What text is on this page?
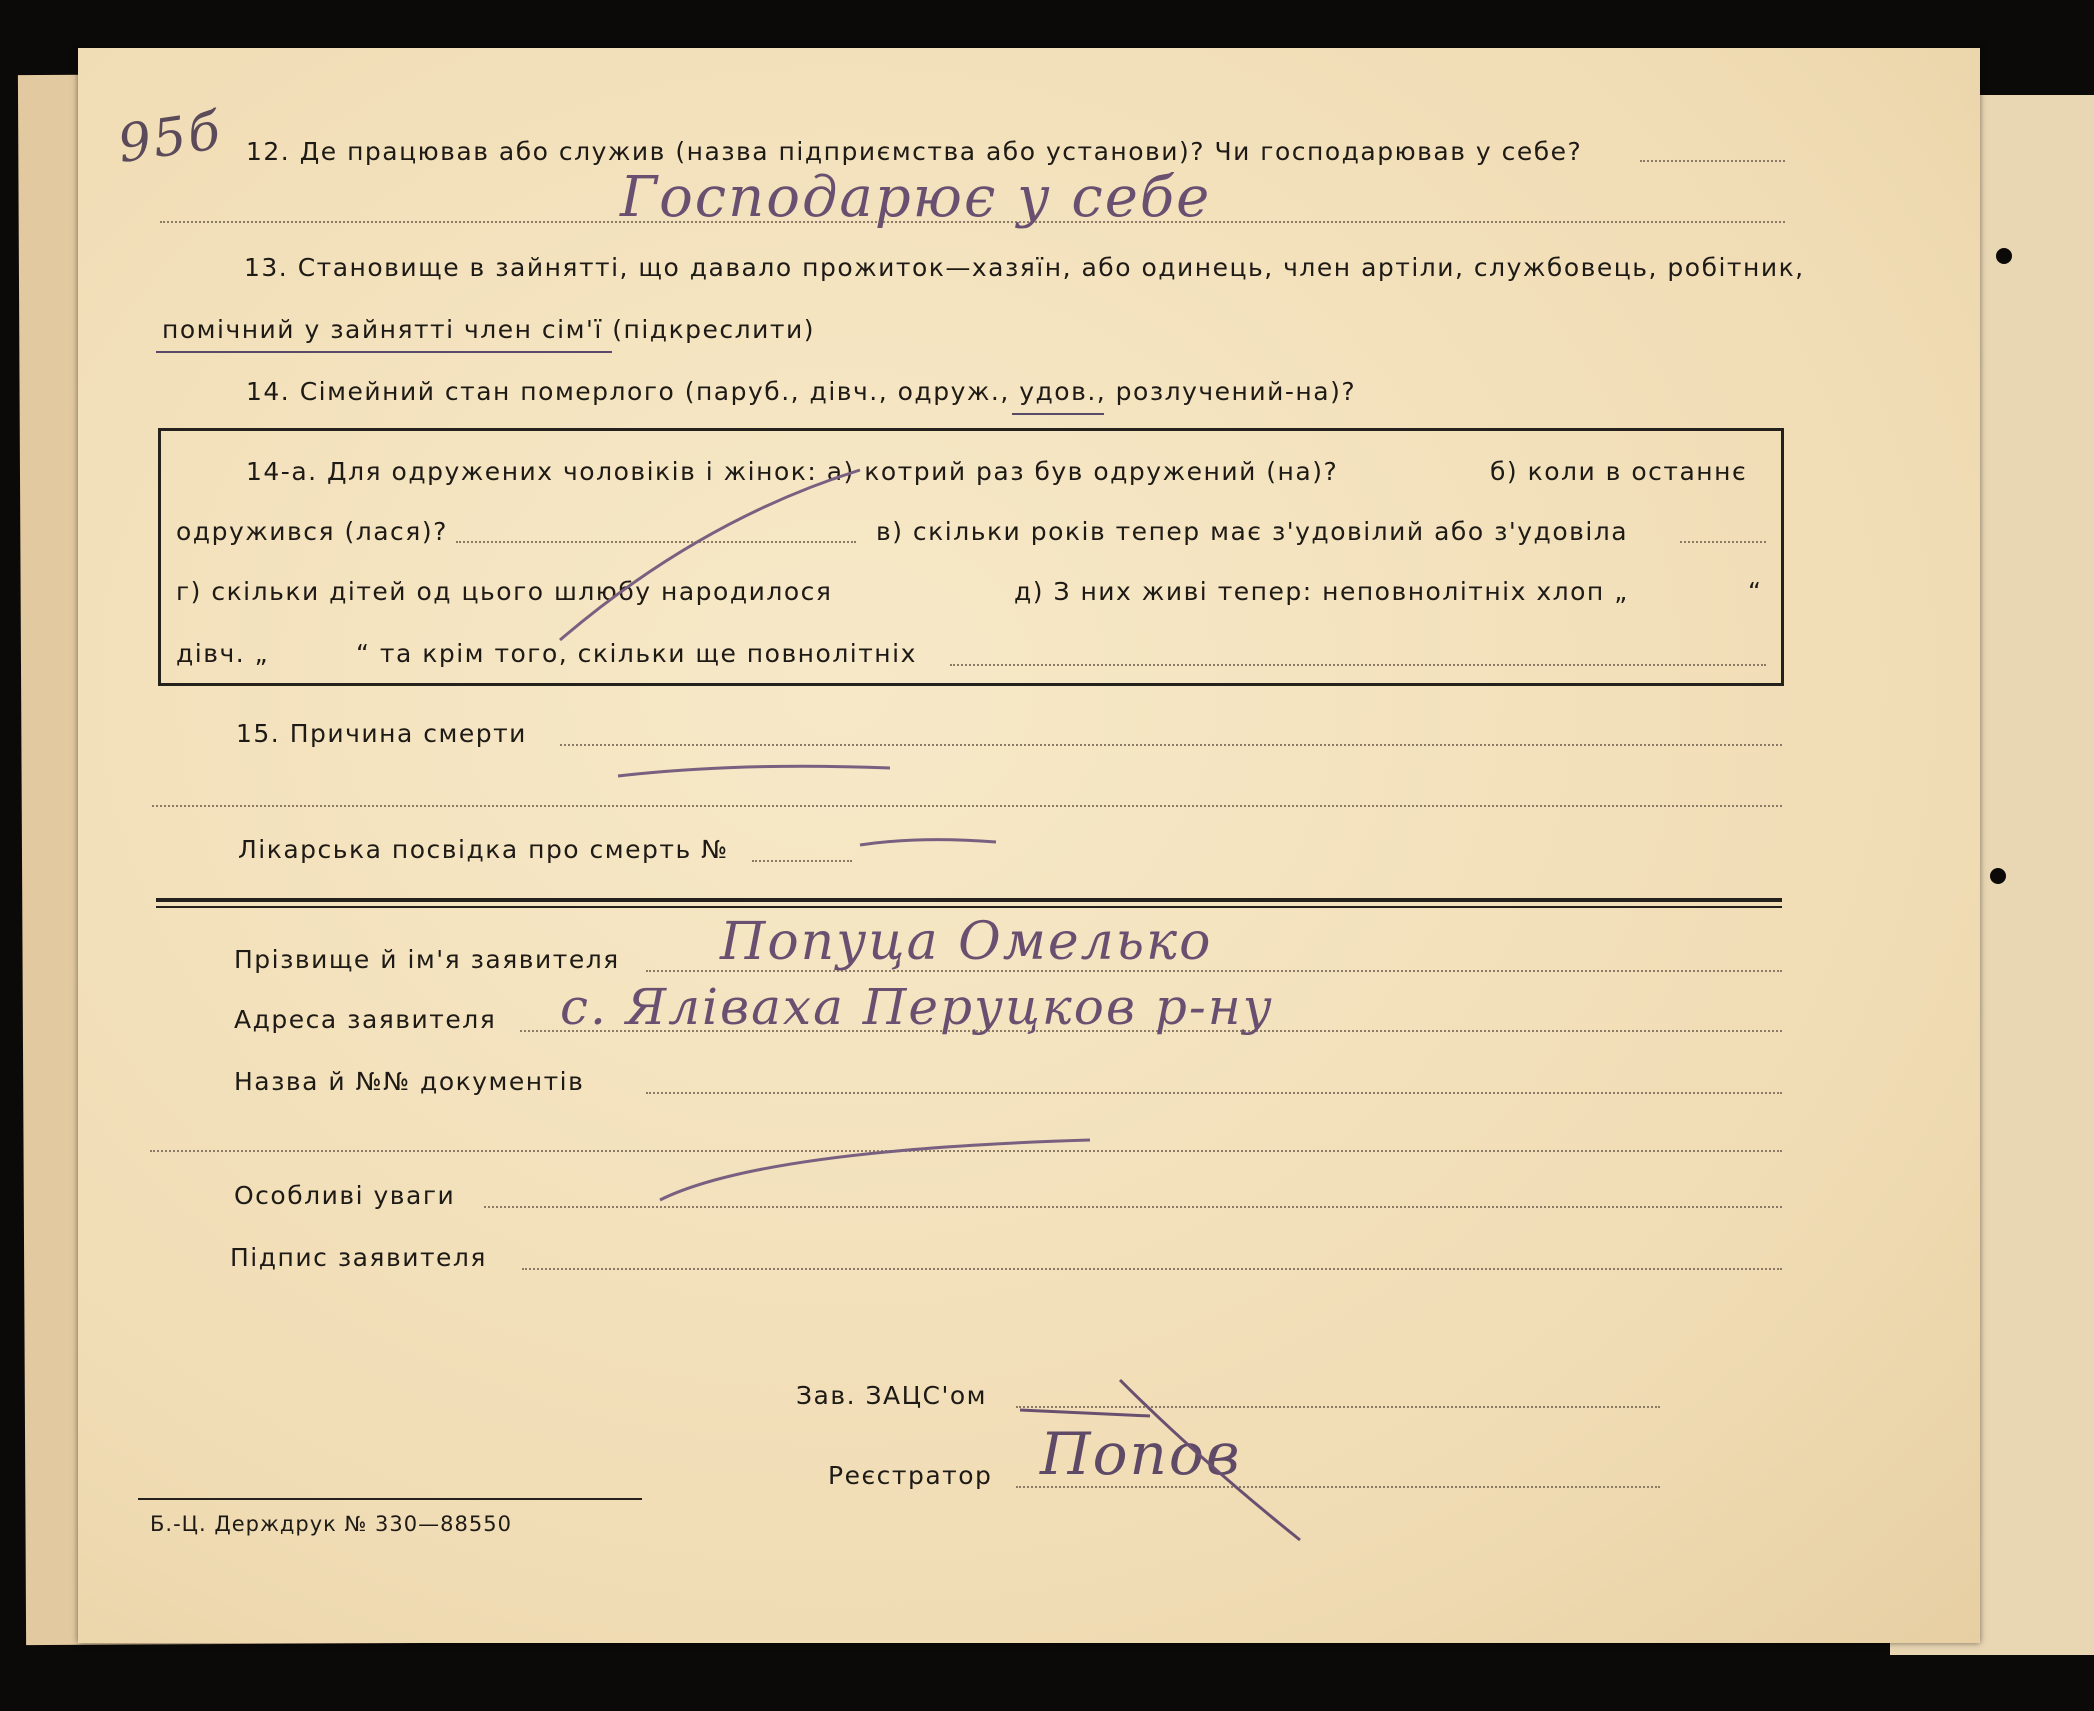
95б 12. Де працював або служив (назва підприємства або установи)? Чи господарював у себе?
Господарює у себе
13. Становище в зайнятті, що давало прожиток—хазяїн, або одинець, член артіли, службовець, робітник,
помічний у зайнятті член сім'ї (підкреслити)
14. Сімейний стан померлого (паруб., дівч., одруж., удов., розлучений-на)?
14-а. Для одружених чоловіків і жінок: а) котрий раз був одружений (на)?	б) коли в останнє
одружився (лася)?	в) скільки років тепер має з'удовілий або з'удовіла
г) скільки дітей од цього шлюбу народилося	д) З них живі тепер: неповнолітніх хлоп „	“
дівч. „	“ та крім того, скільки ще повнолітніх
15. Причина смерти
Лікарська посвідка про смерть №
Прізвище й ім'я заявителя Попуца Омелько
Адреса заявителя с. Яліваха Перуцков р-ну
Назва й №№ документів
Особливі уваги
Підпис заявителя
Зав. ЗАЦС'ом
Реєстратор Попов
Б.-Ц. Держдрук № 330—88550
